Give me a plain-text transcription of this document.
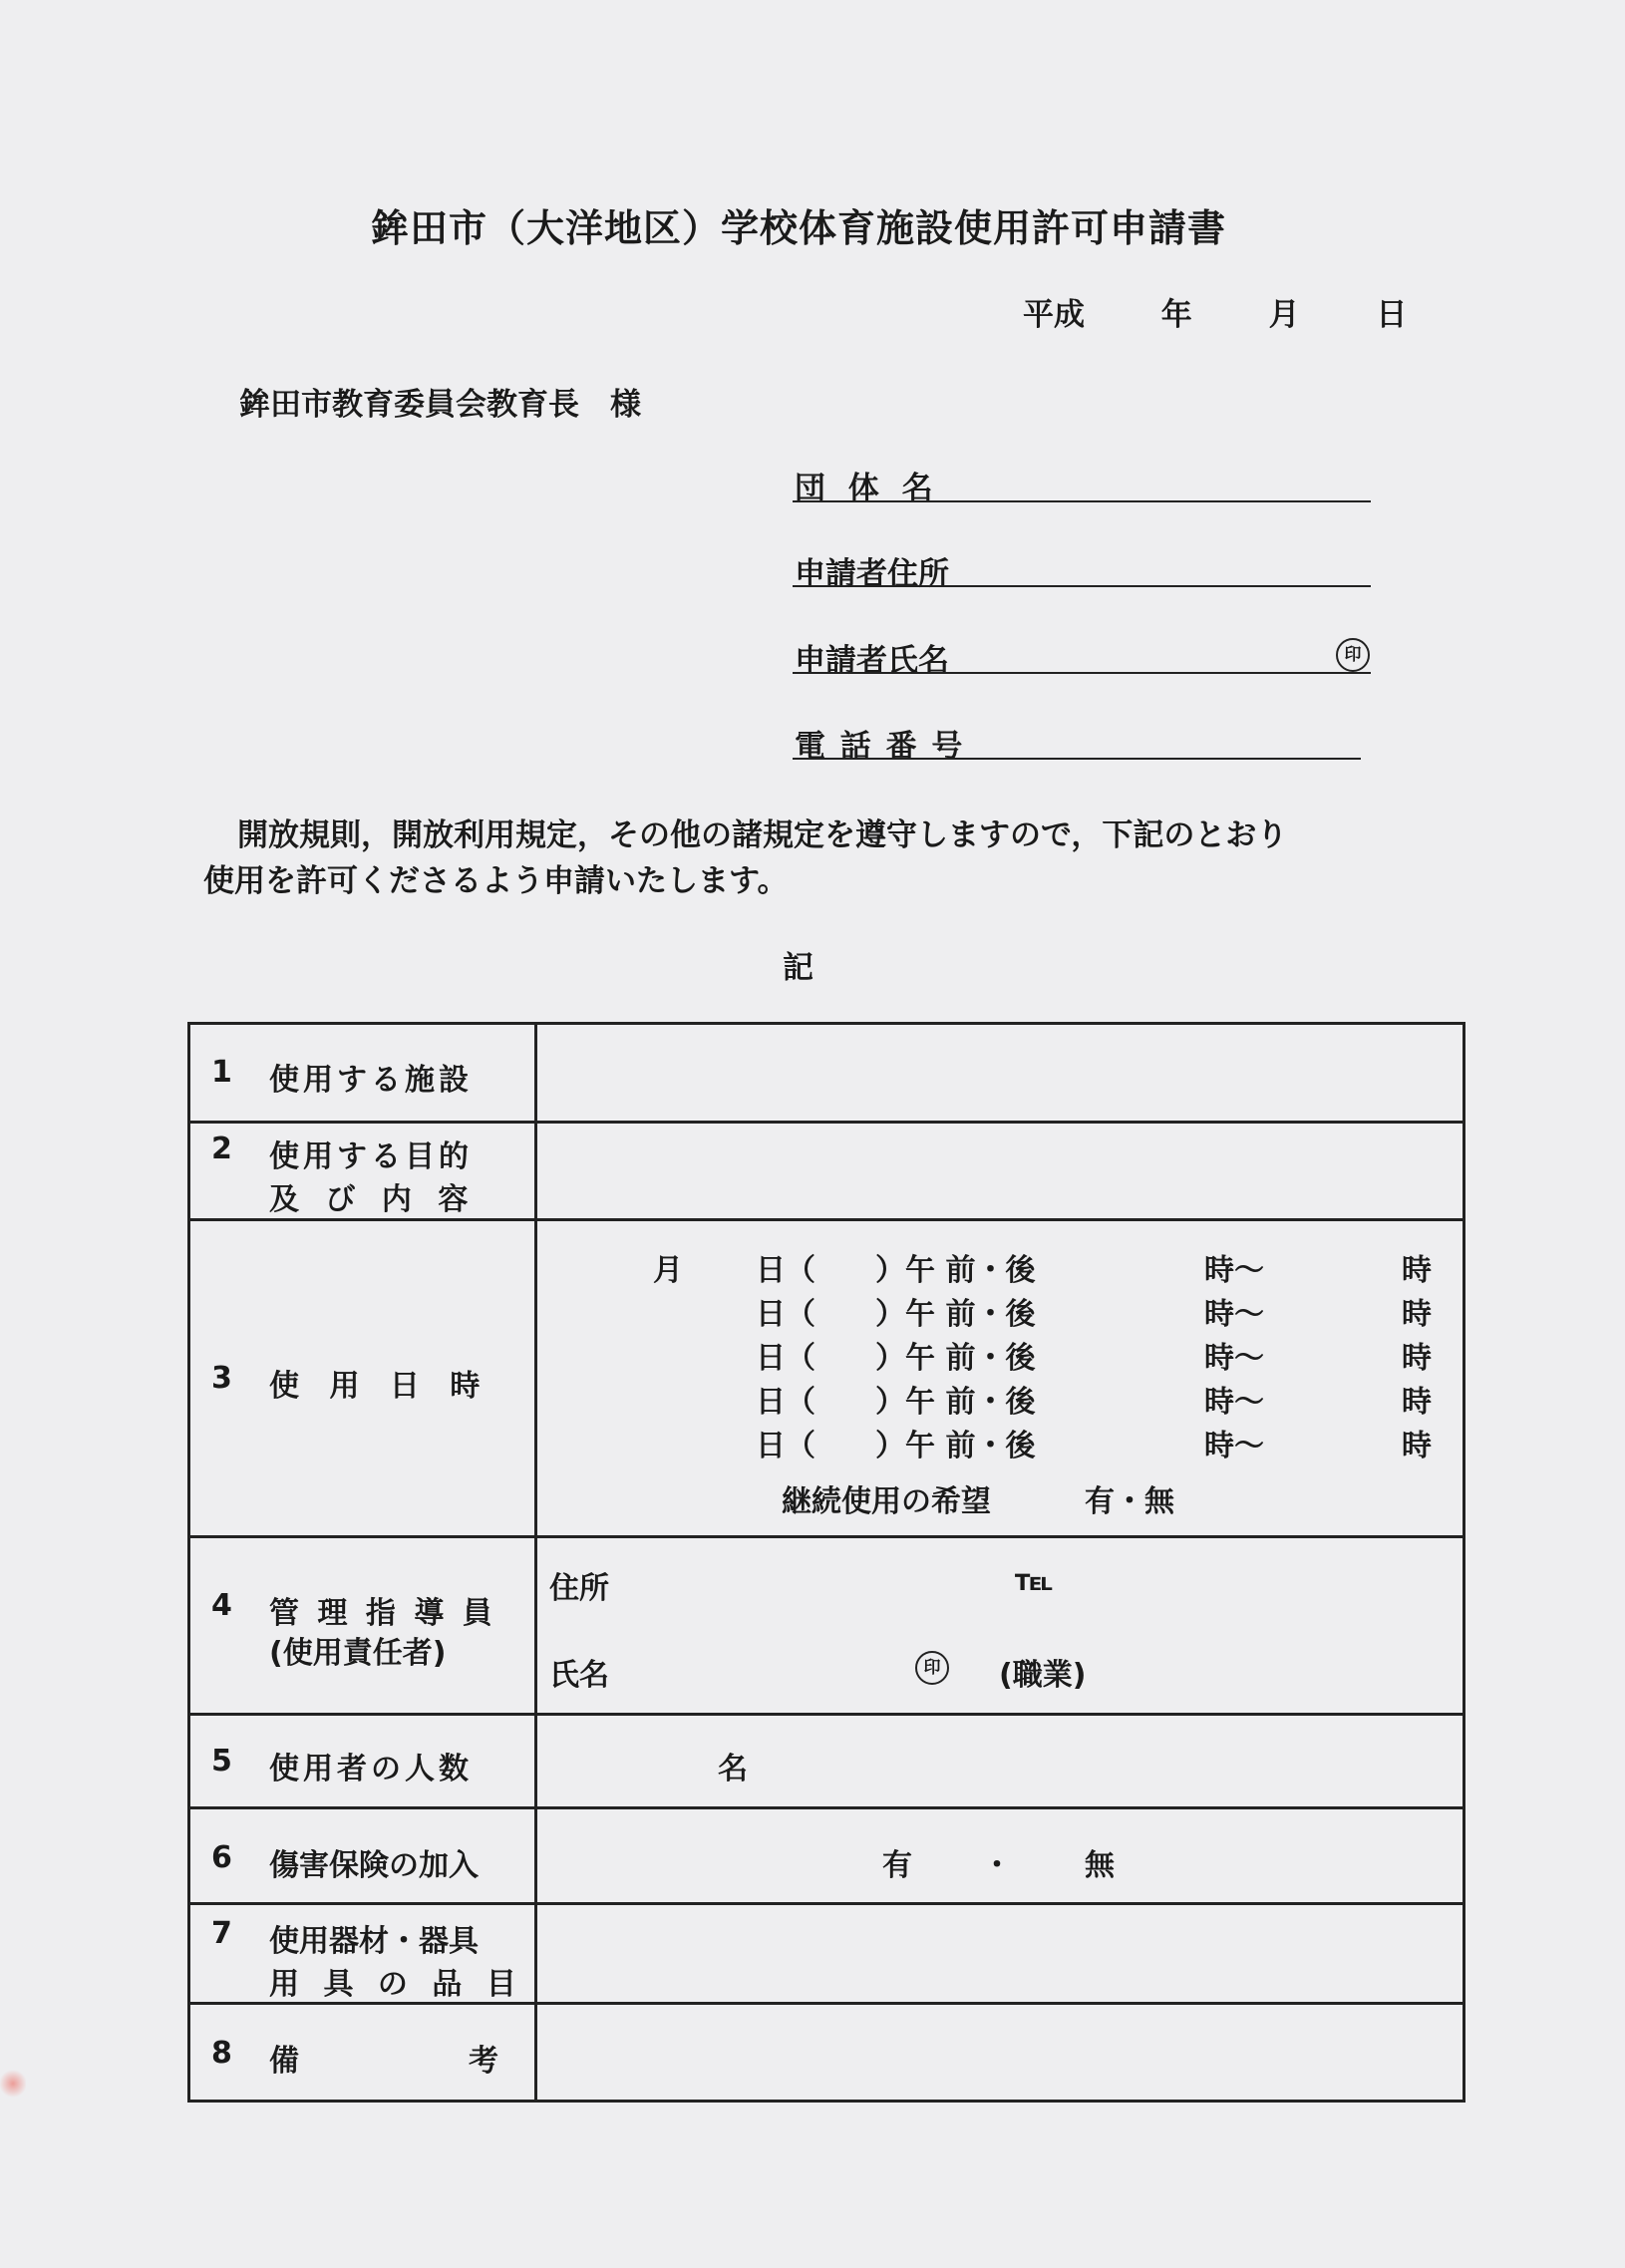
鉾田市（大洋地区）学校体育施設使用許可申請書
平成 年 月 日
鉾田市教育委員会教育長　様
団 体 名
申請者住所
申請者氏名	印
電 話 番 号
開放規則，開放利用規定，その他の諸規定を遵守しますので，下記のとおり
使用を許可くださるよう申請いたします。
記
1 使用する施設
2 使用する目的
及 び 内 容
3 使 用 日 時
月 日（　　）午 前・後	時〜	時
日（　　）午 前・後	時〜	時
日（　　）午 前・後	時〜	時
日（　　）午 前・後	時〜	時
日（　　）午 前・後	時〜	時
継続使用の希望	有・無
4 管 理 指 導 員
(使用責任者)
住所	℡
氏名	印 (職業)
5 使用者の人数	名
6 傷害保険の加入	有 ・ 無
7 使用器材・器具
用 具 の 品 目
8 備	考
